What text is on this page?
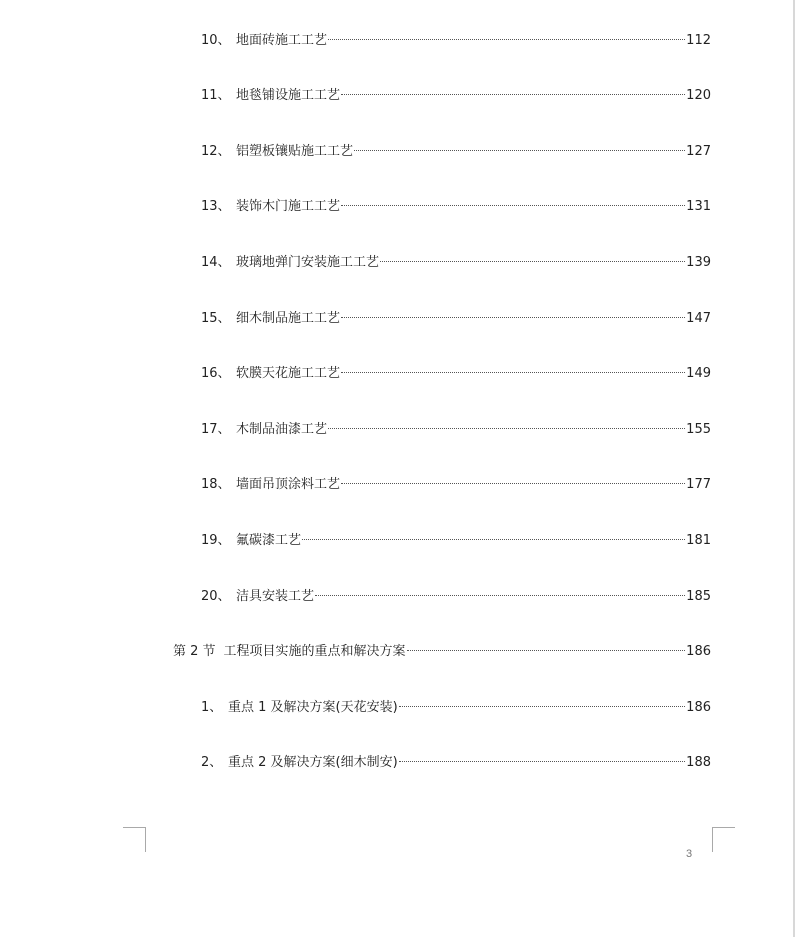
10、 地面砖施工工艺	112
11、 地毯铺设施工工艺	120
12、 铝塑板镶贴施工工艺	127
13、 装饰木门施工工艺	131
14、 玻璃地弹门安装施工工艺	139
15、 细木制品施工工艺	147
16、 软膜天花施工工艺	149
17、 木制品油漆工艺	155
18、 墙面吊顶涂料工艺	177
19、 氟碳漆工艺	181
20、 洁具安装工艺	185
第 2 节 工程项目实施的重点和解决方案	186
1、 重点 1 及解决方案(天花安装)	186
2、 重点 2 及解决方案(细木制安)	188
3
